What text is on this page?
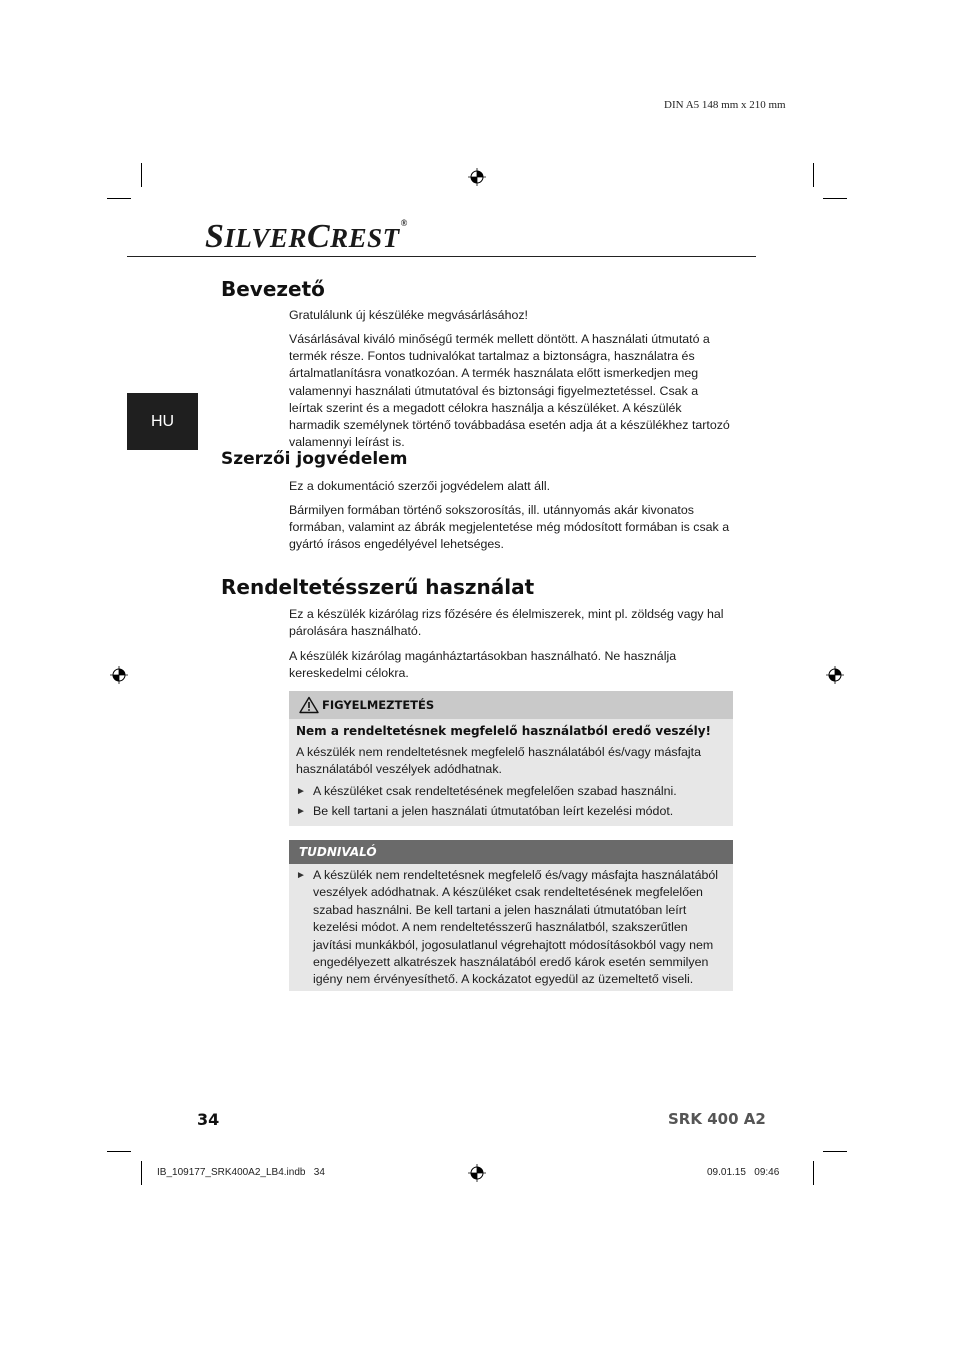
DIN A5 148 mm x 210 mm
SILVERCREST®
HU
Bevezető

Gratulálunk új készüléke megvásárlásához!

Vásárlásával kiváló minőségű termék mellett döntött. A használati útmutató a termék része. Fontos tudnivalókat tartalmaz a biztonságra, használatra és ártalmatlanításra vonatkozóan. A termék használata előtt ismerkedjen meg valamennyi használati útmutatóval és biztonsági figyelmeztetéssel. Csak a leírtak szerint és a megadott célokra használja a készüléket. A készülék harmadik személynek történő továbbadása esetén adja át a készülékhez tartozó valamennyi leírást is.

Szerzői jogvédelem

Ez a dokumentáció szerzői jogvédelem alatt áll.

Bármilyen formában történő sokszorosítás, ill. utánnyomás akár kivonatos formában, valamint az ábrák megjelentetése még módosított formában is csak a gyártó írásos engedélyével lehetséges.

Rendeltetésszerű használat

Ez a készülék kizárólag rizs főzésére és élelmiszerek, mint pl. zöldség vagy hal párolására használható.

A készülék kizárólag magánháztartásokban használható. Ne használja kereskedelmi célokra.

FIGYELMEZTETÉS
Nem a rendeltetésnek megfelelő használatból eredő veszély!
A készülék nem rendeltetésnek megfelelő használatából és/vagy másfajta használatából veszélyek adódhatnak.
► A készüléket csak rendeltetésének megfelelően szabad használni.
► Be kell tartani a jelen használati útmutatóban leírt kezelési módot.
TUDNIVALÓ
► A készülék nem rendeltetésnek megfelelő és/vagy másfajta használatából veszélyek adódhatnak. A készüléket csak rendeltetésének megfelelően szabad használni. Be kell tartani a jelen használati útmutatóban leírt kezelési módot. A nem rendeltetésszerű használatból, szakszerűtlen javítási munkákból, jogosulatlanul végrehajtott módosításokból vagy nem engedélyezett alkatrészek használatából eredő károk esetén semmilyen igény nem érvényesíthető. A kockázatot egyedül az üzemeltető viseli.
34	SRK 400 A2
IB_109177_SRK400A2_LB4.indb   34	09.01.15   09:46
